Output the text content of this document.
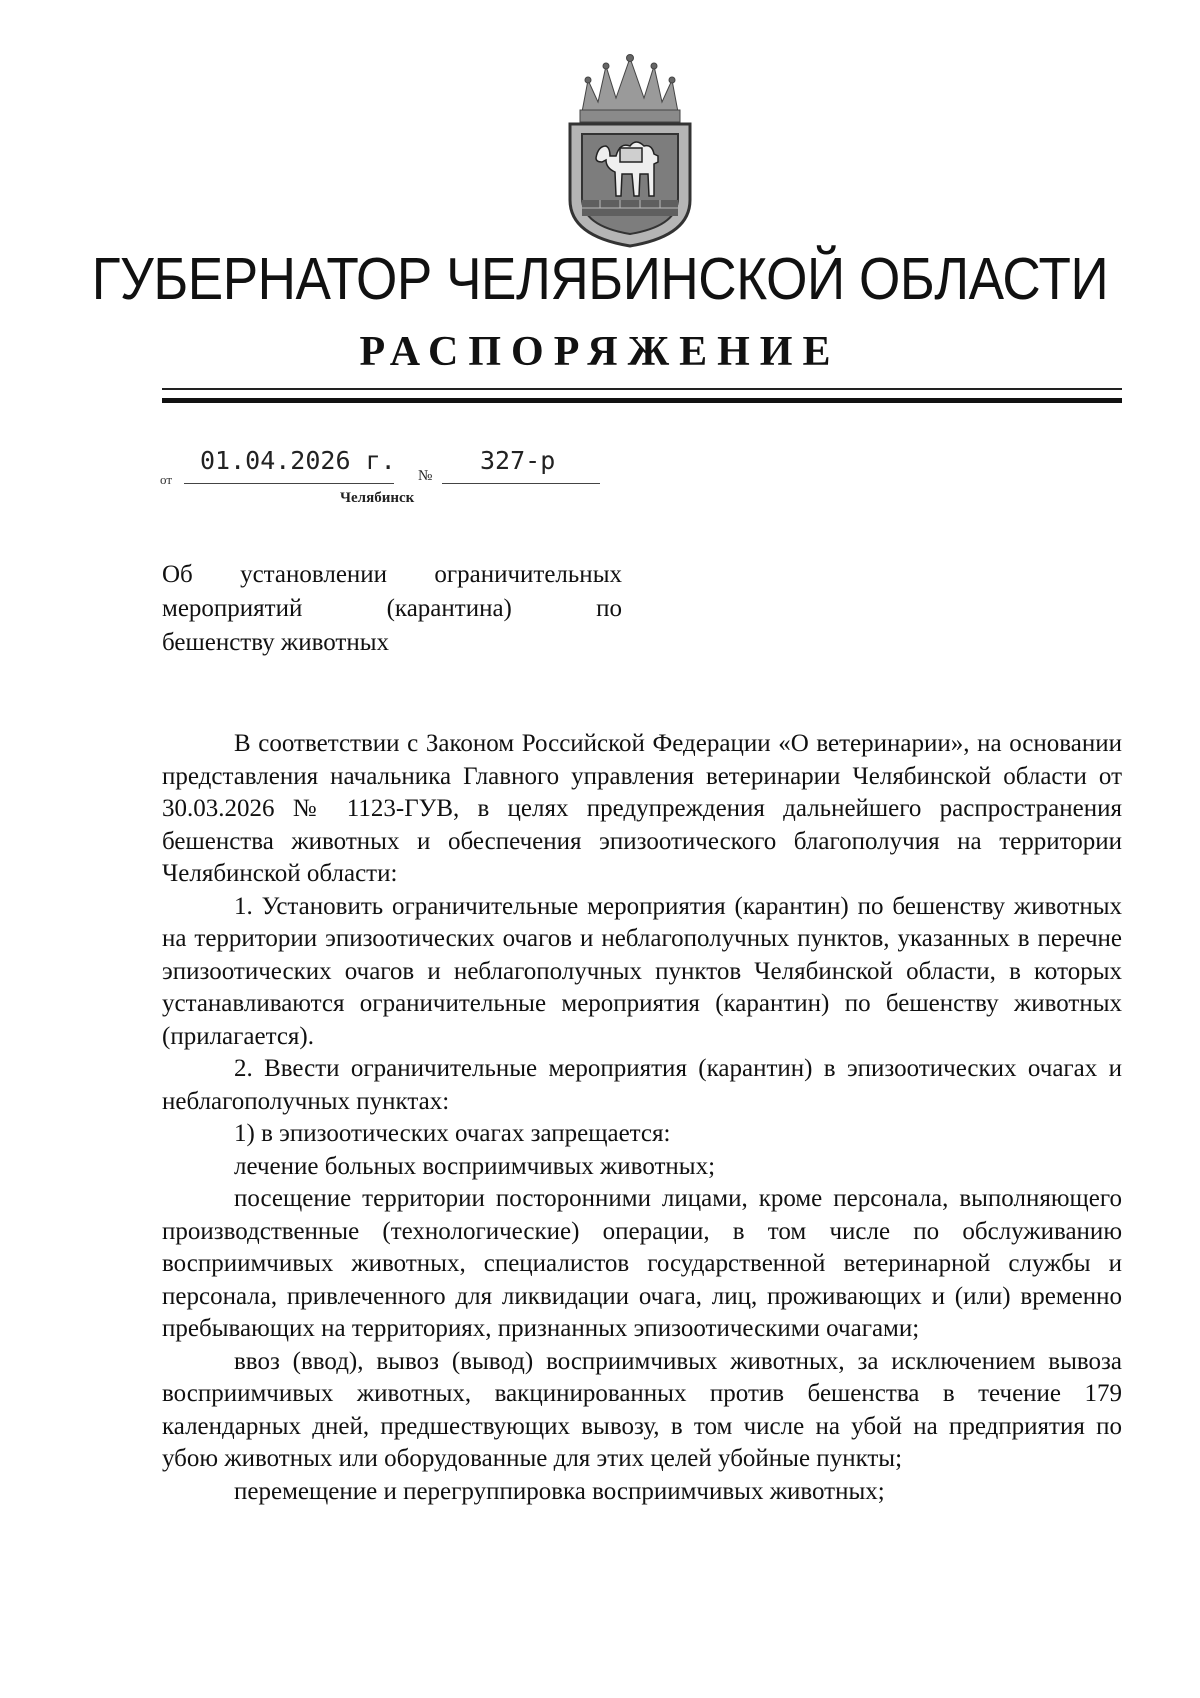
ГУБЕРНАТОР ЧЕЛЯБИНСКОЙ ОБЛАСТИ
РАСПОРЯЖЕНИЕ
от
01.04.2026 г.
№
327-р
Челябинск
Об установлении ограничительных
мероприятий (карантина) по
бешенству животных

В соответствии с Законом Российской Федерации «О ветеринарии», на основании представления начальника Главного управления ветеринарии Челябинской области от 30.03.2026 № 1123-ГУВ, в целях предупреждения дальнейшего распространения бешенства животных и обеспечения эпизоотического благополучия на территории Челябинской области:

1. Установить ограничительные мероприятия (карантин) по бешенству животных на территории эпизоотических очагов и неблагополучных пунктов, указанных в перечне эпизоотических очагов и неблагополучных пунктов Челябинской области, в которых устанавливаются ограничительные мероприятия (карантин) по бешенству животных (прилагается).

2. Ввести ограничительные мероприятия (карантин) в эпизоотических очагах и неблагополучных пунктах:

1) в эпизоотических очагах запрещается:

лечение больных восприимчивых животных;

посещение территории посторонними лицами, кроме персонала, выполняющего производственные (технологические) операции, в том числе по обслуживанию восприимчивых животных, специалистов государственной ветеринарной службы и персонала, привлеченного для ликвидации очага, лиц, проживающих и (или) временно пребывающих на территориях, признанных эпизоотическими очагами;

ввоз (ввод), вывоз (вывод) восприимчивых животных, за исключением вывоза восприимчивых животных, вакцинированных против бешенства в течение 179 календарных дней, предшествующих вывозу, в том числе на убой на предприятия по убою животных или оборудованные для этих целей убойные пункты;

перемещение и перегруппировка восприимчивых животных;
